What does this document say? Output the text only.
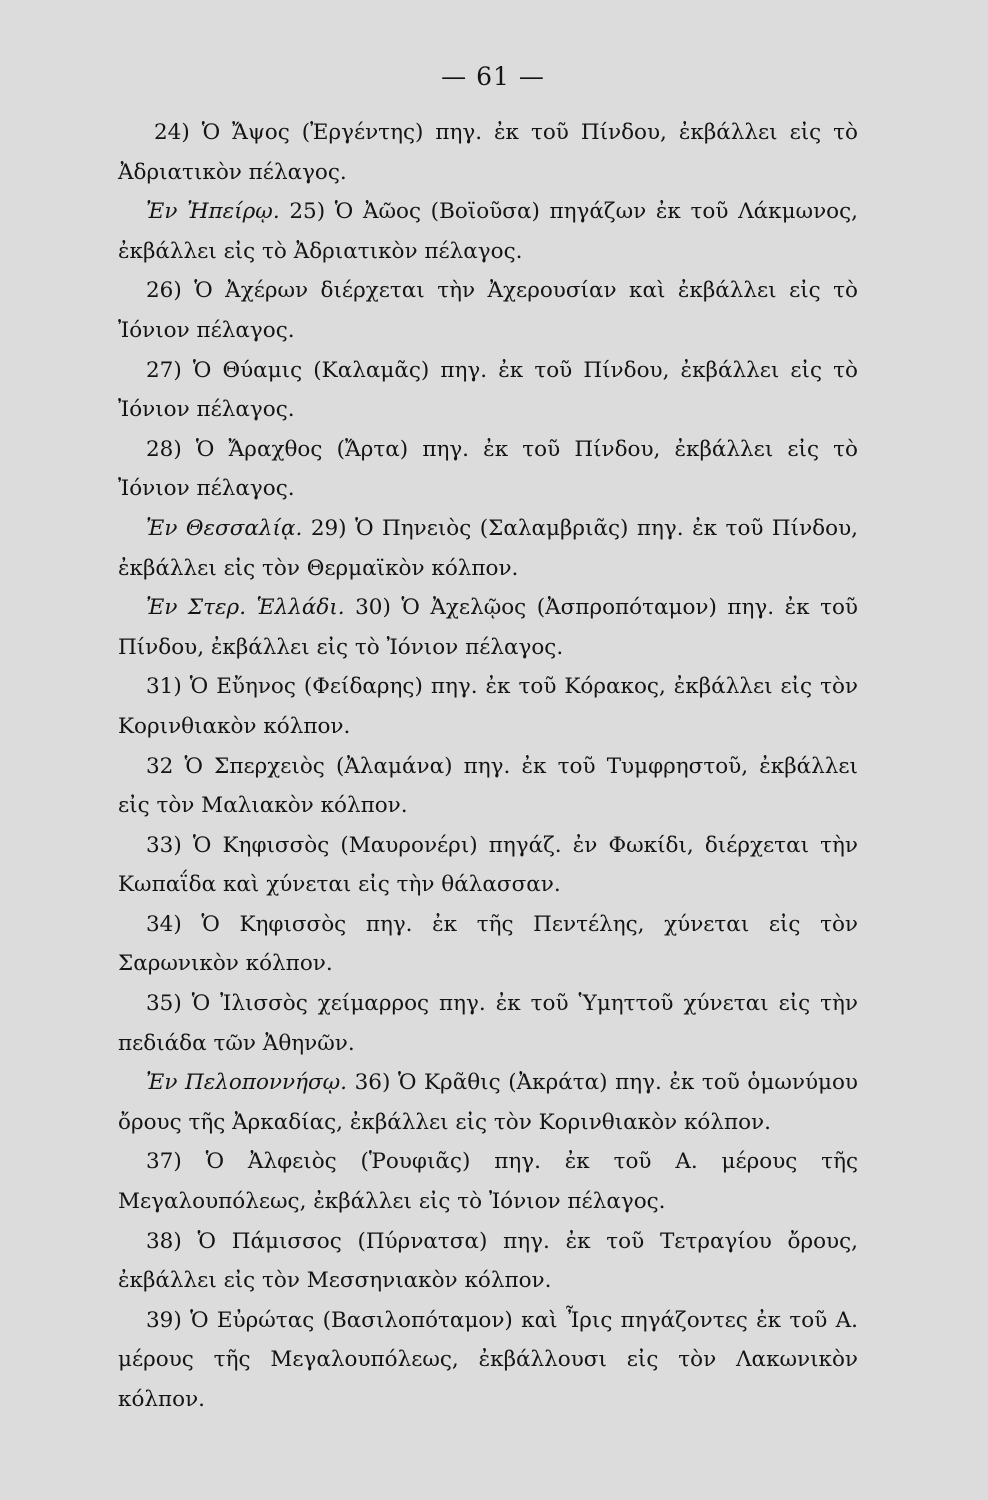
— 61 —

24) Ὁ Ἄψος (Ἐργέντης) πηγ. ἐκ τοῦ Πίνδου, ἐκβάλλει εἰς τὸ Ἀδριατικὸν πέλαγος.

Ἐν Ἠπείρῳ. 25) Ὁ Ἀῶος (Βοϊοῦσα) πηγάζων ἐκ τοῦ Λάκμωνος, ἐκβάλλει εἰς τὸ Ἀδριατικὸν πέλαγος.

26) Ὁ Ἀχέρων διέρχεται τὴν Ἀχερουσίαν καὶ ἐκβάλλει εἰς τὸ Ἰόνιον πέλαγος.

27) Ὁ Θύαμις (Καλαμᾶς) πηγ. ἐκ τοῦ Πίνδου, ἐκβάλλει εἰς τὸ Ἰόνιον πέλαγος.

28) Ὁ Ἄραχθος (Ἄρτα) πηγ. ἐκ τοῦ Πίνδου, ἐκβάλλει εἰς τὸ Ἰόνιον πέλαγος.

Ἐν Θεσσαλίᾳ. 29) Ὁ Πηνειὸς (Σαλαμβριᾶς) πηγ. ἐκ τοῦ Πίνδου, ἐκβάλλει εἰς τὸν Θερμαϊκὸν κόλπον.

Ἐν Στερ. Ἑλλάδι. 30) Ὁ Ἀχελῷος (Ἀσπροπόταμον) πηγ. ἐκ τοῦ Πίνδου, ἐκβάλλει εἰς τὸ Ἰόνιον πέλαγος.

31) Ὁ Εὔηνος (Φείδαρης) πηγ. ἐκ τοῦ Κόρακος, ἐκβάλλει εἰς τὸν Κορινθιακὸν κόλπον.

32 Ὁ Σπερχειὸς (Ἀλαμάνα) πηγ. ἐκ τοῦ Τυμφρηστοῦ, ἐκβάλλει εἰς τὸν Μαλιακὸν κόλπον.

33) Ὁ Κηφισσὸς (Μαυρονέρι) πηγάζ. ἐν Φωκίδι, διέρχεται τὴν Κωπαΐδα καὶ χύνεται εἰς τὴν θάλασσαν.

34) Ὁ Κηφισσὸς πηγ. ἐκ τῆς Πεντέλης, χύνεται εἰς τὸν Σαρωνικὸν κόλπον.

35) Ὁ Ἰλισσὸς χείμαρρος πηγ. ἐκ τοῦ Ὑμηττοῦ χύνεται εἰς τὴν πεδιάδα τῶν Ἀθηνῶν.

Ἐν Πελοποννήσῳ. 36) Ὁ Κρᾶθις (Ἀκράτα) πηγ. ἐκ τοῦ ὁμωνύμου ὄρους τῆς Ἀρκαδίας, ἐκβάλλει εἰς τὸν Κορινθιακὸν κόλπον.

37) Ὁ Ἀλφειὸς (Ῥουφιᾶς) πηγ. ἐκ τοῦ Α. μέρους τῆς Μεγαλουπόλεως, ἐκβάλλει εἰς τὸ Ἰόνιον πέλαγος.

38) Ὁ Πάμισσος (Πύρνατσα) πηγ. ἐκ τοῦ Τετραγίου ὄρους, ἐκβάλλει εἰς τὸν Μεσσηνιακὸν κόλπον.

39) Ὁ Εὐρώτας (Βασιλοπόταμον) καὶ Ἶρις πηγάζοντες ἐκ τοῦ Α. μέρους τῆς Μεγαλουπόλεως, ἐκβάλλουσι εἰς τὸν Λακωνικὸν κόλπον.
